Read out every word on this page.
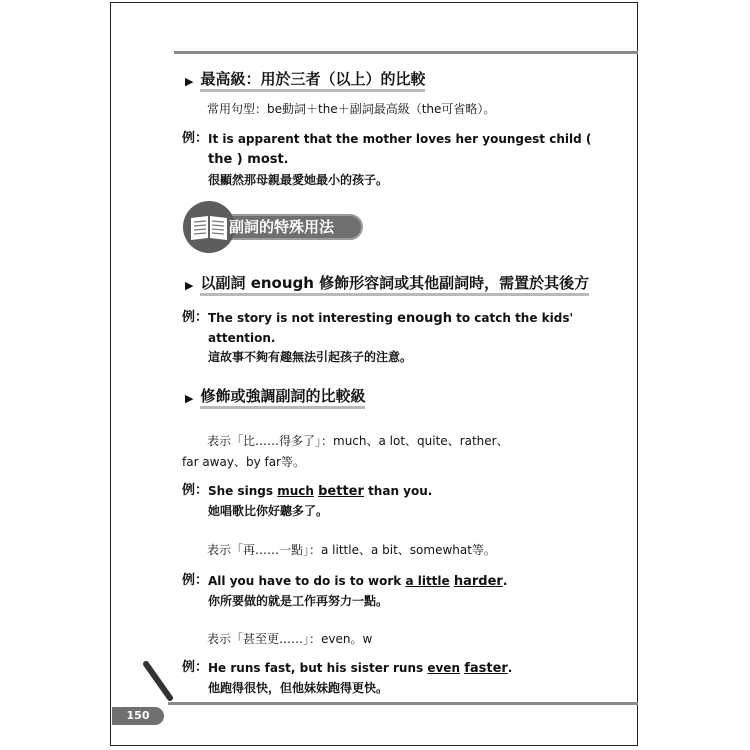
▶ 最高級：用於三者（以上）的比較
常用句型：be動詞＋the＋副詞最高級（the可省略）。
例： It is apparent that the mother loves her youngest child (
the ) most.
很顯然那母親最愛她最小的孩子。
副詞的特殊用法
▶ 以副詞 enough 修飾形容詞或其他副詞時，需置於其後方
例： The story is not interesting enough to catch the kids'
attention.
這故事不夠有趣無法引起孩子的注意。
▶ 修飾或強調副詞的比較級
表示「比……得多了」：much、a lot、quite、rather、
far away、by far等。
例： She sings much better than you.
她唱歌比你好聽多了。
表示「再……一點」：a little、a bit、somewhat等。
例： All you have to do is to work a little harder.
你所要做的就是工作再努力一點。
表示「甚至更……」：even。w
例： He runs fast, but his sister runs even faster.
他跑得很快，但他妹妹跑得更快。
150
